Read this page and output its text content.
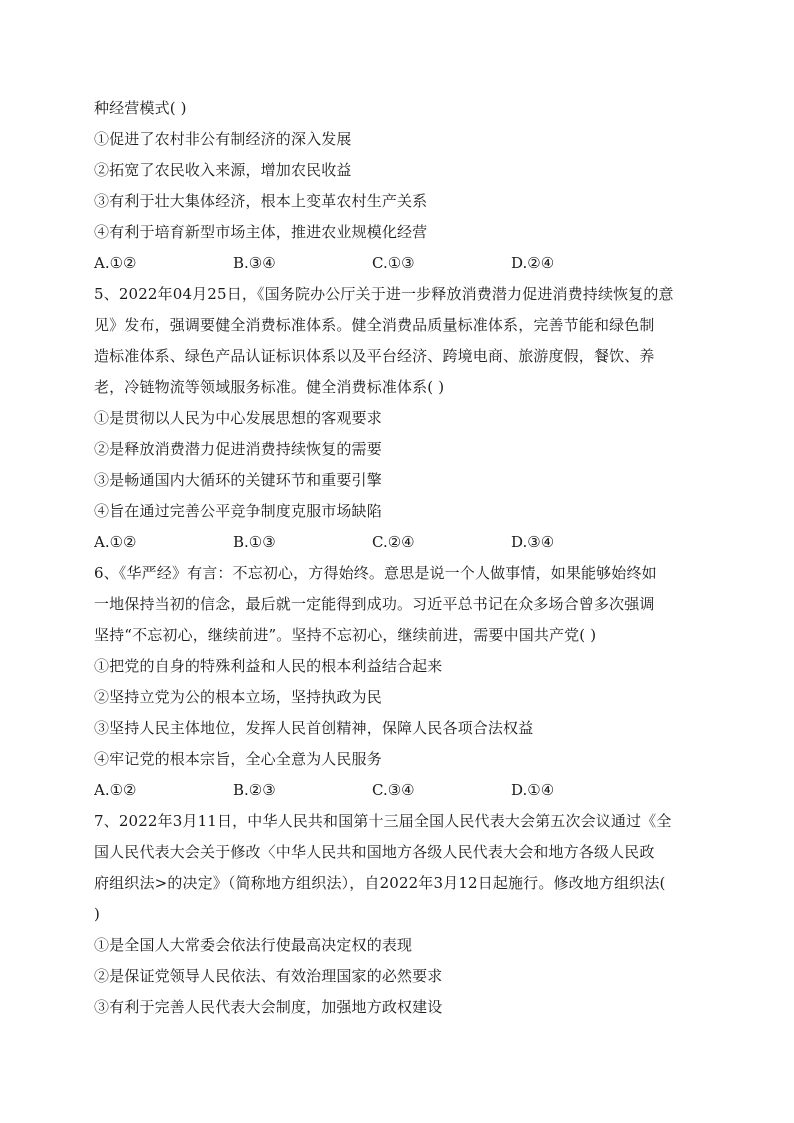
种经营模式( )
①促进了农村非公有制经济的深入发展
②拓宽了农民收入来源，增加农民收益
③有利于壮大集体经济，根本上变革农村生产关系
④有利于培育新型市场主体，推进农业规模化经营
A.①②	B.③④	C.①③	D.②④
5、2022年04月25日，《国务院办公厅关于进一步释放消费潜力促进消费持续恢复的意
见》发布，强调要健全消费标准体系。健全消费品质量标准体系，完善节能和绿色制
造标准体系、绿色产品认证标识体系以及平台经济、跨境电商、旅游度假，餐饮、养
老，冷链物流等领域服务标准。健全消费标准体系( )
①是贯彻以人民为中心发展思想的客观要求
②是释放消费潜力促进消费持续恢复的需要
③是畅通国内大循环的关键环节和重要引擎
④旨在通过完善公平竞争制度克服市场缺陷
A.①②	B.①③	C.②④	D.③④
6、《华严经》有言：不忘初心，方得始终。意思是说一个人做事情，如果能够始终如
一地保持当初的信念，最后就一定能得到成功。习近平总书记在众多场合曾多次强调
坚持“不忘初心，继续前进”。坚持不忘初心，继续前进，需要中国共产党( )
①把党的自身的特殊利益和人民的根本利益结合起来
②坚持立党为公的根本立场，坚持执政为民
③坚持人民主体地位，发挥人民首创精神，保障人民各项合法权益
④牢记党的根本宗旨，全心全意为人民服务
A.①②	B.②③	C.③④	D.①④
7、2022年3月11日，中华人民共和国第十三届全国人民代表大会第五次会议通过《全
国人民代表大会关于修改〈中华人民共和国地方各级人民代表大会和地方各级人民政
府组织法>的决定》（简称地方组织法），自2022年3月12日起施行。修改地方组织法(
)
①是全国人大常委会依法行使最高决定权的表现
②是保证党领导人民依法、有效治理国家的必然要求
③有利于完善人民代表大会制度，加强地方政权建设
